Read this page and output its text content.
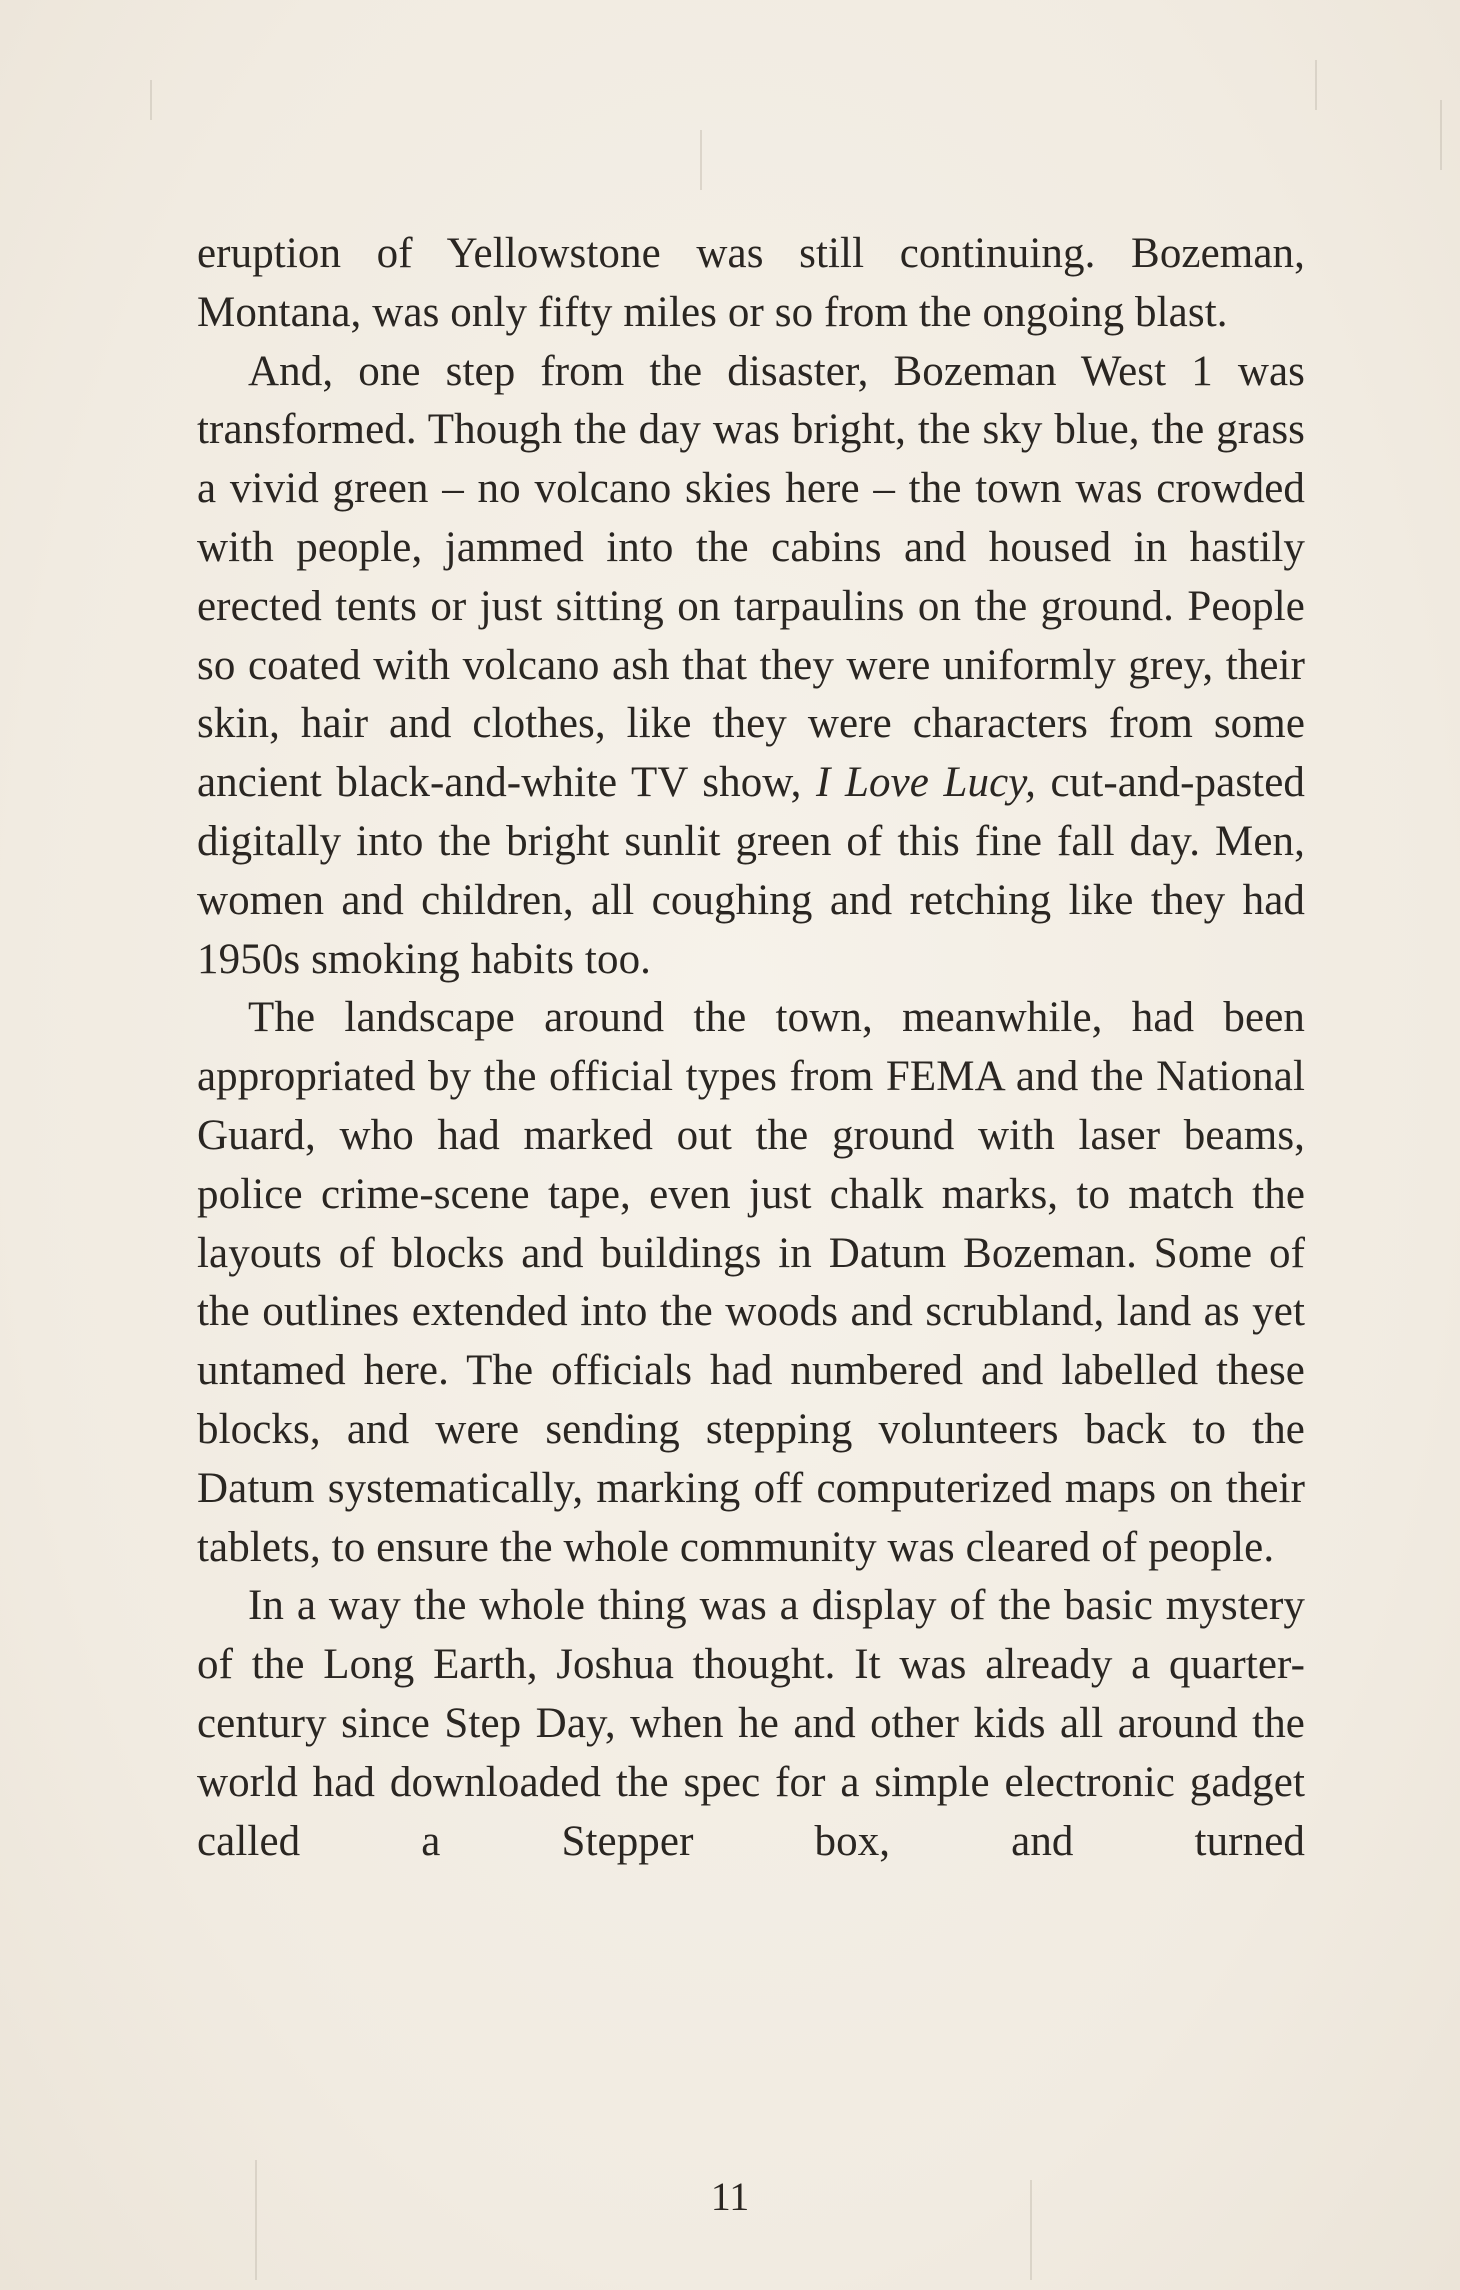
eruption of Yellowstone was still continuing. Bozeman, Montana, was only fifty miles or so from the ongoing blast.

And, one step from the disaster, Bozeman West 1 was transformed. Though the day was bright, the sky blue, the grass a vivid green – no volcano skies here – the town was crowded with people, jammed into the cabins and housed in hastily erected tents or just sitting on tarpaulins on the ground. People so coated with volcano ash that they were uniformly grey, their skin, hair and clothes, like they were characters from some ancient black-and-white TV show, I Love Lucy, cut-and-pasted digitally into the bright sunlit green of this fine fall day. Men, women and children, all coughing and retching like they had 1950s smoking habits too.

The landscape around the town, meanwhile, had been appropriated by the official types from FEMA and the National Guard, who had marked out the ground with laser beams, police crime-scene tape, even just chalk marks, to match the layouts of blocks and buildings in Datum Bozeman. Some of the outlines extended into the woods and scrubland, land as yet untamed here. The officials had numbered and labelled these blocks, and were sending stepping volunteers back to the Datum systematically, marking off computerized maps on their tablets, to ensure the whole community was cleared of people.

In a way the whole thing was a display of the basic mystery of the Long Earth, Joshua thought. It was already a quarter-century since Step Day, when he and other kids all around the world had downloaded the spec for a simple electronic gadget called a Stepper box, and turned

11
